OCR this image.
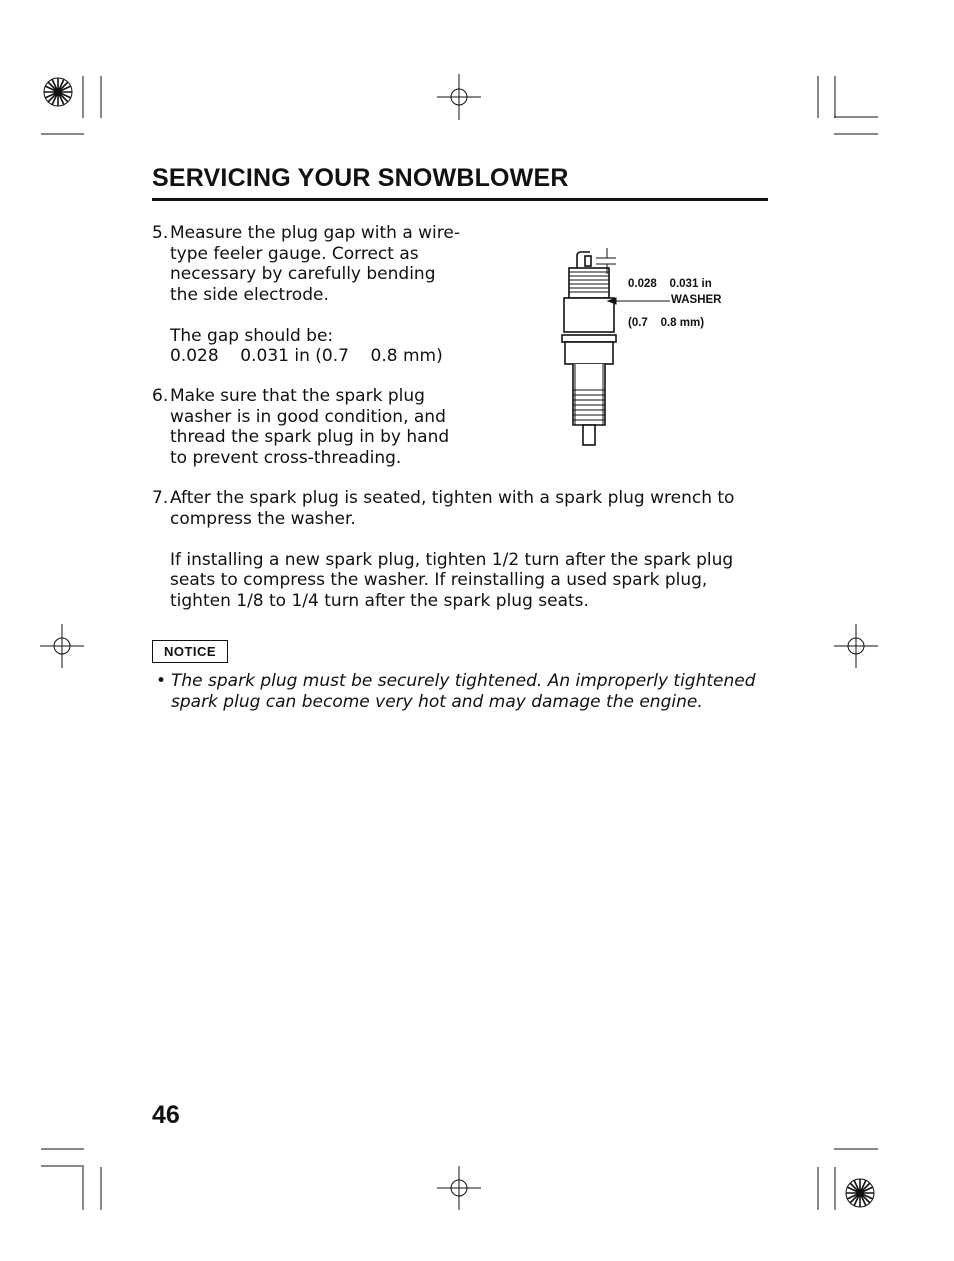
SERVICING YOUR SNOWBLOWER
5. Measure the plug gap with a wire-
type feeler gauge. Correct as
necessary by carefully bending
the side electrode.
The gap should be:
0.028    0.031 in (0.7    0.8 mm)
6. Make sure that the spark plug
washer is in good condition, and
thread the spark plug in by hand
to prevent cross-threading.
7. After the spark plug is seated, tighten with a spark plug wrench to
compress the washer.
If installing a new spark plug, tighten 1/2 turn after the spark plug
seats to compress the washer. If reinstalling a used spark plug,
tighten 1/8 to 1/4 turn after the spark plug seats.
NOTICE
• The spark plug must be securely tightened. An improperly tightened
spark plug can become very hot and may damage the engine.

0.028    0.031 in

(0.7    0.8 mm)

WASHER
46
